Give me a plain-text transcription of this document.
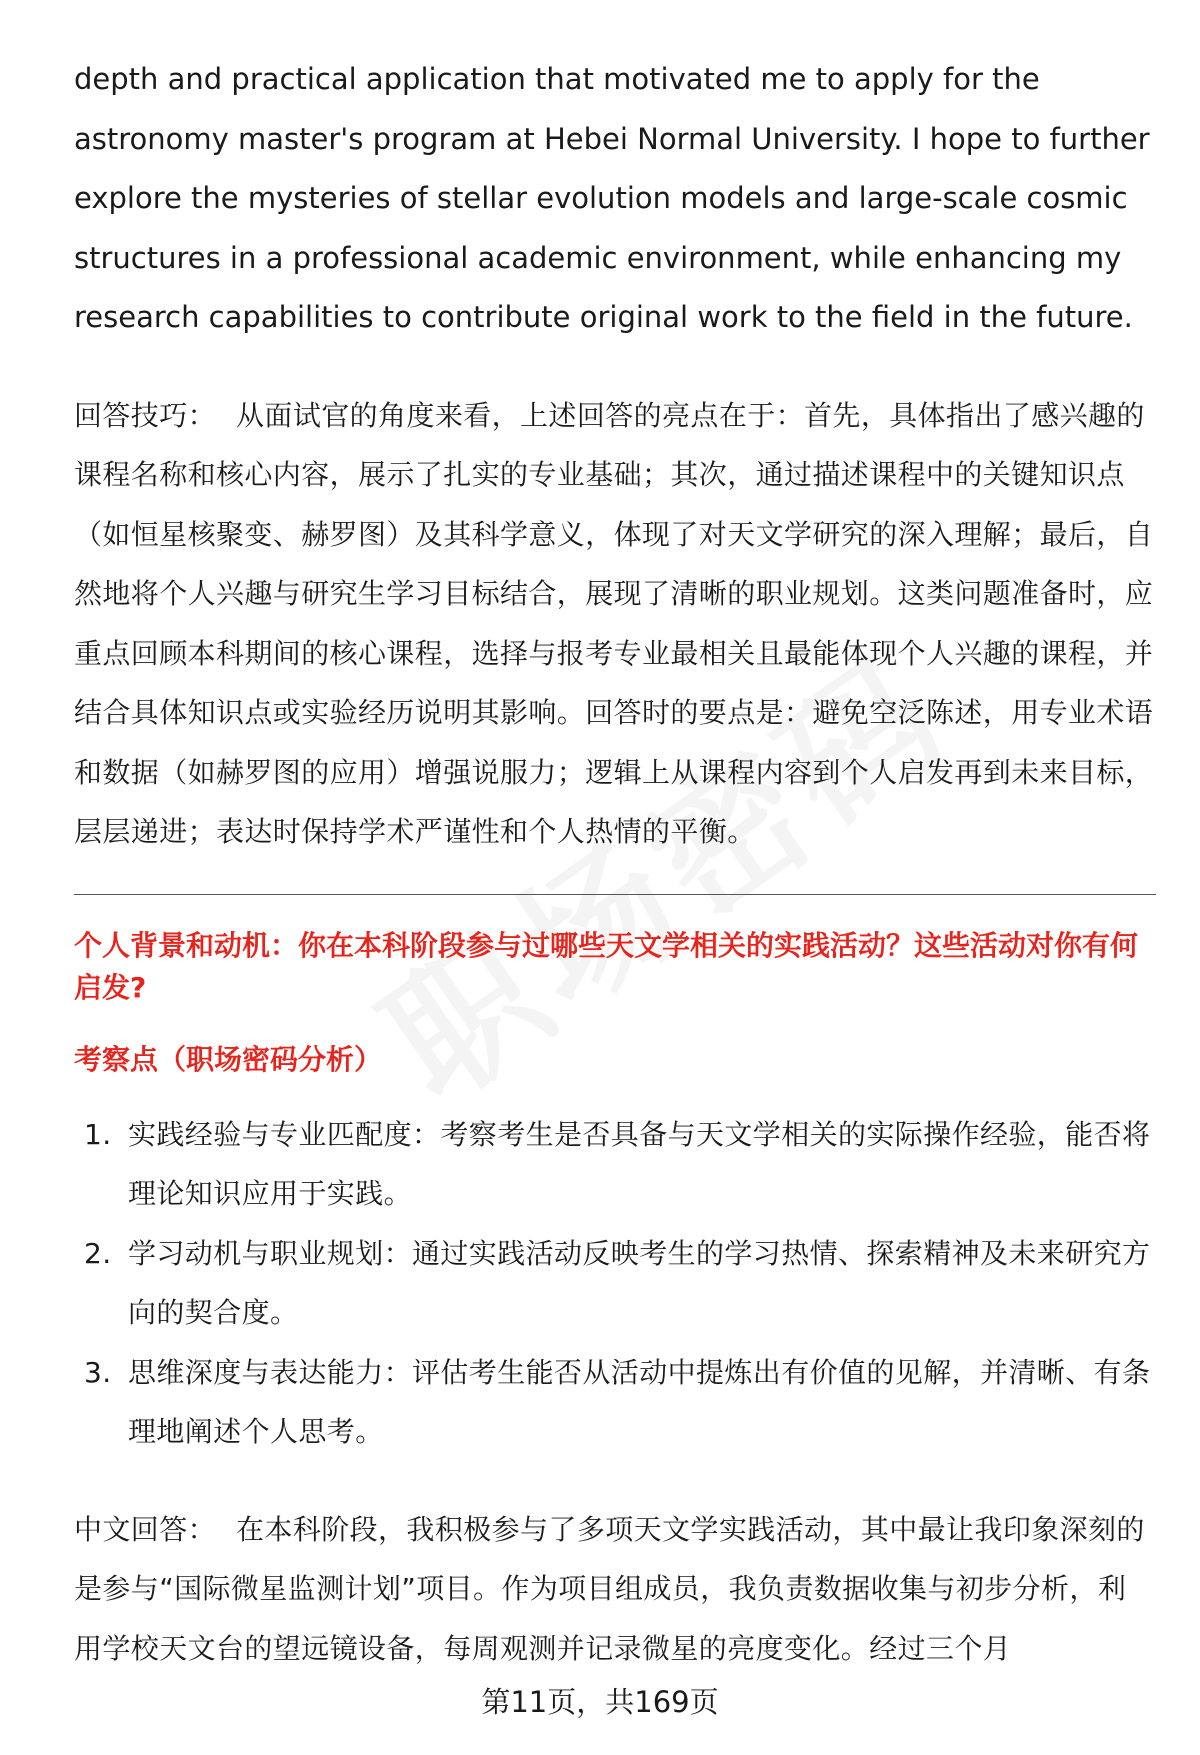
depth and practical application that motivated me to apply for the astronomy master's program at Hebei Normal University. I hope to further explore the mysteries of stellar evolution models and large-scale cosmic structures in a professional academic environment, while enhancing my research capabilities to contribute original work to the field in the future.

回答技巧： 从面试官的角度来看，上述回答的亮点在于：首先，具体指出了感兴趣的课程名称和核心内容，展示了扎实的专业基础；其次，通过描述课程中的关键知识点（如恒星核聚变、赫罗图）及其科学意义，体现了对天文学研究的深入理解；最后，自然地将个人兴趣与研究生学习目标结合，展现了清晰的职业规划。这类问题准备时，应重点回顾本科期间的核心课程，选择与报考专业最相关且最能体现个人兴趣的课程，并结合具体知识点或实验经历说明其影响。回答时的要点是：避免空泛陈述，用专业术语和数据（如赫罗图的应用）增强说服力；逻辑上从课程内容到个人启发再到未来目标，层层递进；表达时保持学术严谨性和个人热情的平衡。

个人背景和动机：你在本科阶段参与过哪些天文学相关的实践活动？这些活动对你有何启发?
考察点（职场密码分析）
1. 实践经验与专业匹配度：考察考生是否具备与天文学相关的实际操作经验，能否将理论知识应用于实践。
2. 学习动机与职业规划：通过实践活动反映考生的学习热情、探索精神及未来研究方向的契合度。
3. 思维深度与表达能力：评估考生能否从活动中提炼出有价值的见解，并清晰、有条理地阐述个人思考。

中文回答： 在本科阶段，我积极参与了多项天文学实践活动，其中最让我印象深刻的是参与“国际微星监测计划”项目。作为项目组成员，我负责数据收集与初步分析，利用学校天文台的望远镜设备，每周观测并记录微星的亮度变化。经过三个月

第11页，共169页
